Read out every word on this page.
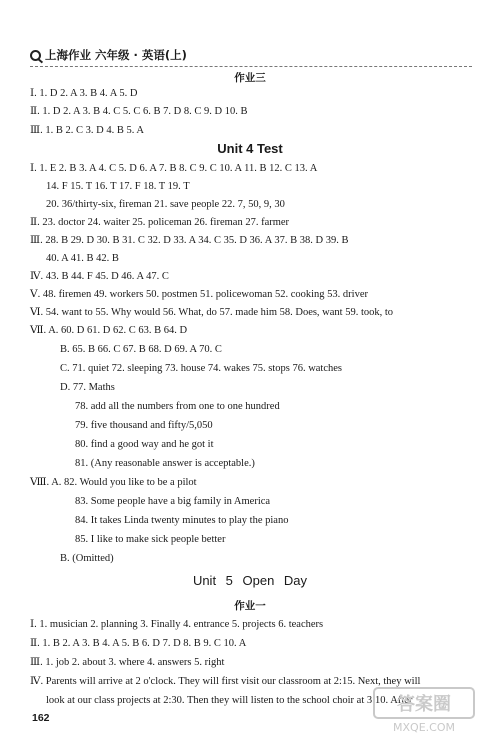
上海作业 六年级 · 英语(上)
作业三
Unit 4 Test
Unit 5 Open Day
作业一
Ⅰ. 1. D 2. A 3. B 4. A 5. D
Ⅱ. 1. D 2. A 3. B 4. C 5. C 6. B 7. D 8. C 9. D 10. B
Ⅲ. 1. B 2. C 3. D 4. B 5. A
Ⅰ. 1. E 2. B 3. A 4. C 5. D 6. A 7. B 8. C 9. C 10. A 11. B 12. C 13. A
14. F 15. T 16. T 17. F 18. T 19. T
20. 36/thirty-six, fireman 21. save people 22. 7, 50, 9, 30
Ⅱ. 23. doctor 24. waiter 25. policeman 26. fireman 27. farmer
Ⅲ. 28. B 29. D 30. B 31. C 32. D 33. A 34. C 35. D 36. A 37. B 38. D 39. B
40. A 41. B 42. B
Ⅳ. 43. B 44. F 45. D 46. A 47. C
Ⅴ. 48. firemen 49. workers 50. postmen 51. policewoman 52. cooking 53. driver
Ⅵ. 54. want to 55. Why would 56. What, do 57. made him 58. Does, want 59. took, to
Ⅶ. A. 60. D 61. D 62. C 63. B 64. D
B. 65. B 66. C 67. B 68. D 69. A 70. C
C. 71. quiet 72. sleeping 73. house 74. wakes 75. stops 76. watches
D. 77. Maths
78. add all the numbers from one to one hundred
79. five thousand and fifty/5,050
80. find a good way and he got it
81. (Any reasonable answer is acceptable.)
Ⅷ. A. 82. Would you like to be a pilot
83. Some people have a big family in America
84. It takes Linda twenty minutes to play the piano
85. I like to make sick people better
B. (Omitted)
Ⅰ. 1. musician 2. planning 3. Finally 4. entrance 5. projects 6. teachers
Ⅱ. 1. B 2. A 3. B 4. A 5. B 6. D 7. D 8. B 9. C 10. A
Ⅲ. 1. job 2. about 3. where 4. answers 5. right
Ⅳ. Parents will arrive at 2 o'clock. They will first visit our classroom at 2:15. Next, they will
look at our class projects at 2:30. Then they will listen to the school choir at 3:10. After
162
答案圈
MXQE.COM
